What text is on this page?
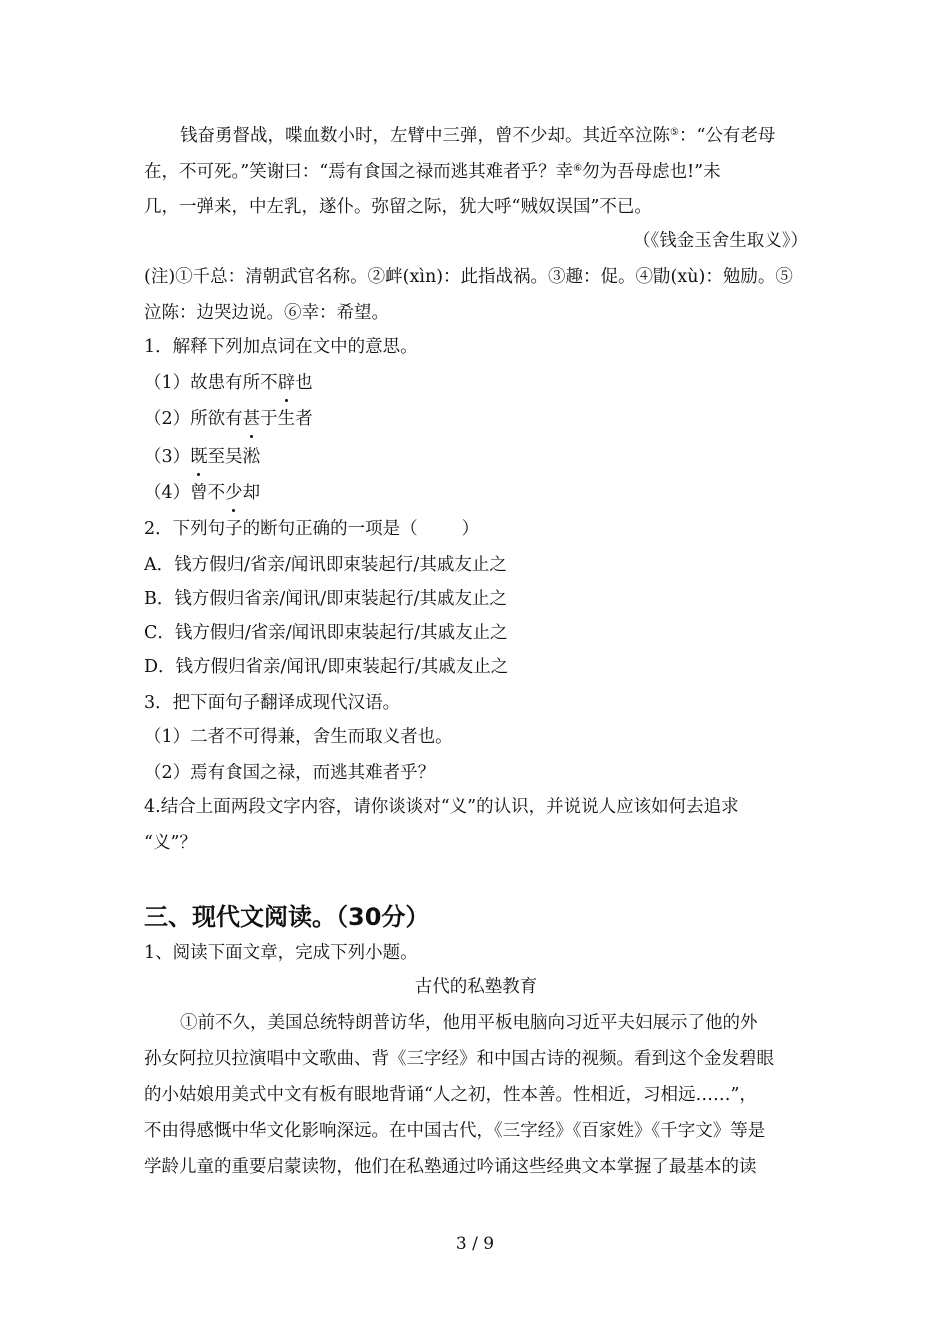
钱奋勇督战，喋血数小时，左臂中三弹，曾不少却。其近卒泣陈⑤：“公有老母
在，不可死。”笑谢曰：“焉有食国之禄而逃其难者乎？幸⑥勿为吾母虑也!”未
几，一弹来，中左乳，遂仆。弥留之际，犹大呼“贼奴误国”不已。
（《钱金玉舍生取义》）
(注)①千总：清朝武官名称。②衅(xìn)：此指战祸。③趣：促。④勖(xù)：勉励。⑤
泣陈：边哭边说。⑥幸：希望。
1．解释下列加点词在文中的意思。
（1）故患有所不辟也
（2）所欲有甚于生者
（3）既至吴淞
（4）曾不少却
2．下列句子的断句正确的一项是（	）
A．钱方假归/省亲/闻讯即束装起行/其戚友止之
B．钱方假归省亲/闻讯/即束装起行/其戚友止之
C．钱方假归/省亲/闻讯即束装起行/其戚友止之
D．钱方假归省亲/闻讯/即束装起行/其戚友止之
3．把下面句子翻译成现代汉语。
（1）二者不可得兼，舍生而取义者也。
（2）焉有食国之禄，而逃其难者乎？
4.结合上面两段文字内容，请你谈谈对“义”的认识，并说说人应该如何去追求
“义”？
三、现代文阅读。（30分）
1、阅读下面文章，完成下列小题。
古代的私塾教育
①前不久，美国总统特朗普访华，他用平板电脑向习近平夫妇展示了他的外
孙女阿拉贝拉演唱中文歌曲、背《三字经》和中国古诗的视频。看到这个金发碧眼
的小姑娘用美式中文有板有眼地背诵“人之初，性本善。性相近，习相远……”，
不由得感慨中华文化影响深远。在中国古代，《三字经》《百家姓》《千字文》等是
学龄儿童的重要启蒙读物，他们在私塾通过吟诵这些经典文本掌握了最基本的读
3 / 9
